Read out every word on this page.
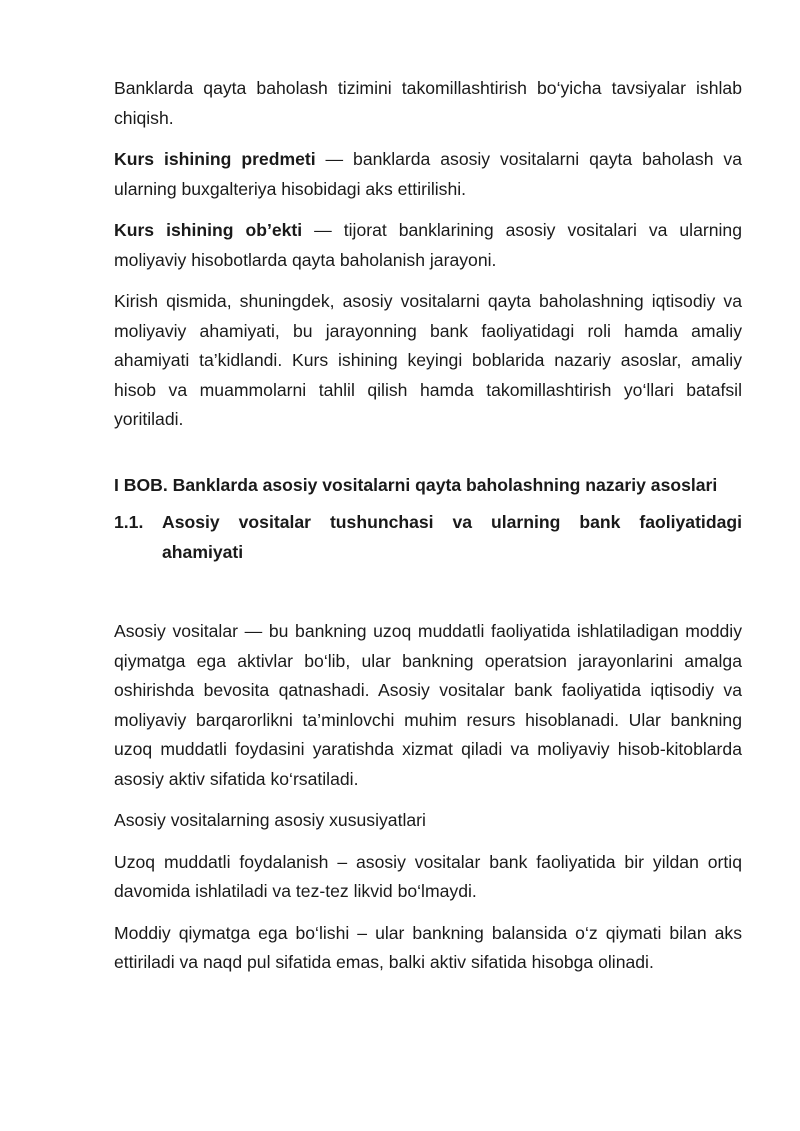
Banklarda qayta baholash tizimini takomillashtirish bo‘yicha tavsiyalar ishlab chiqish.

Kurs ishining predmeti — banklarda asosiy vositalarni qayta baholash va ularning buxgalteriya hisobidagi aks ettirilishi.

Kurs ishining ob’ekti — tijorat banklarining asosiy vositalari va ularning moliyaviy hisobotlarda qayta baholanish jarayoni.

Kirish qismida, shuningdek, asosiy vositalarni qayta baholashning iqtisodiy va moliyaviy ahamiyati, bu jarayonning bank faoliyatidagi roli hamda amaliy ahamiyati ta’kidlandi. Kurs ishining keyingi boblarida nazariy asoslar, amaliy hisob va muammolarni tahlil qilish hamda takomillashtirish yo‘llari batafsil yoritiladi.

I BOB. Banklarda asosiy vositalarni qayta baholashning nazariy asoslari
1.1.	Asosiy vositalar tushunchasi va ularning bank faoliyatidagi ahamiyati

Asosiy vositalar — bu bankning uzoq muddatli faoliyatida ishlatiladigan moddiy qiymatga ega aktivlar bo‘lib, ular bankning operatsion jarayonlarini amalga oshirishda bevosita qatnashadi. Asosiy vositalar bank faoliyatida iqtisodiy va moliyaviy barqarorlikni ta’minlovchi muhim resurs hisoblanadi. Ular bankning uzoq muddatli foydasini yaratishda xizmat qiladi va moliyaviy hisob-kitoblarda asosiy aktiv sifatida ko‘rsatiladi.

Asosiy vositalarning asosiy xususiyatlari

Uzoq muddatli foydalanish – asosiy vositalar bank faoliyatida bir yildan ortiq davomida ishlatiladi va tez-tez likvid bo‘lmaydi.

Moddiy qiymatga ega bo‘lishi – ular bankning balansida o‘z qiymati bilan aks ettiriladi va naqd pul sifatida emas, balki aktiv sifatida hisobga olinadi.
